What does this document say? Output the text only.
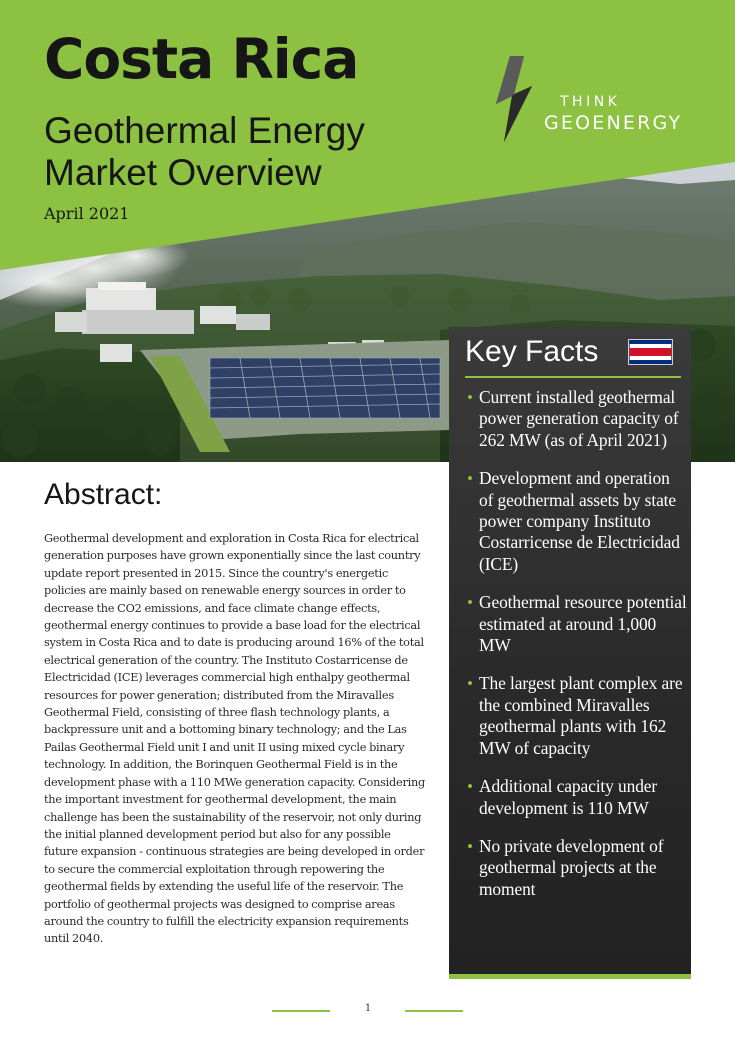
Costa Rica
Geothermal Energy Market Overview
April 2021
THINK
GEOENERGY
Abstract:

Geothermal development and exploration in Costa Rica for electrical generation purposes have grown exponentially since the last country update report presented in 2015. Since the country's energetic policies are mainly based on renewable energy sources in order to decrease the CO2 emissions, and face climate change effects, geothermal energy continues to provide a base load for the electrical system in Costa Rica and to date is producing around 16% of the total electrical generation of the country. The Instituto Costarricense de Electricidad (ICE) leverages commercial high enthalpy geothermal resources for power generation; distributed from the Miravalles Geothermal Field, consisting of three flash technology plants, a backpressure unit and a bottoming binary technology; and the Las Pailas Geothermal Field unit I and unit II using mixed cycle binary technology. In addition, the Borinquen Geothermal Field is in the development phase with a 110 MWe generation capacity. Considering the important investment for geothermal development, the main challenge has been the sustainability of the reservoir, not only during the initial planned development period but also for any possible future expansion - continuous strategies are being developed in order to secure the commercial exploitation through repowering the geothermal fields by extending the useful life of the reservoir. The portfolio of geothermal projects was designed to comprise areas around the country to fulfill the electricity expansion requirements until 2040.

Key Facts
• Current installed geothermal power generation capacity of 262 MW (as of April 2021)
• Development and operation of geothermal assets by state power company Instituto Costarricense de Electricidad (ICE)
• Geothermal resource potential estimated at around 1,000 MW
• The largest plant complex are the combined Miravalles geothermal plants with 162 MW of capacity
• Additional capacity under development is 110 MW
• No private development of geothermal projects at the moment
1
